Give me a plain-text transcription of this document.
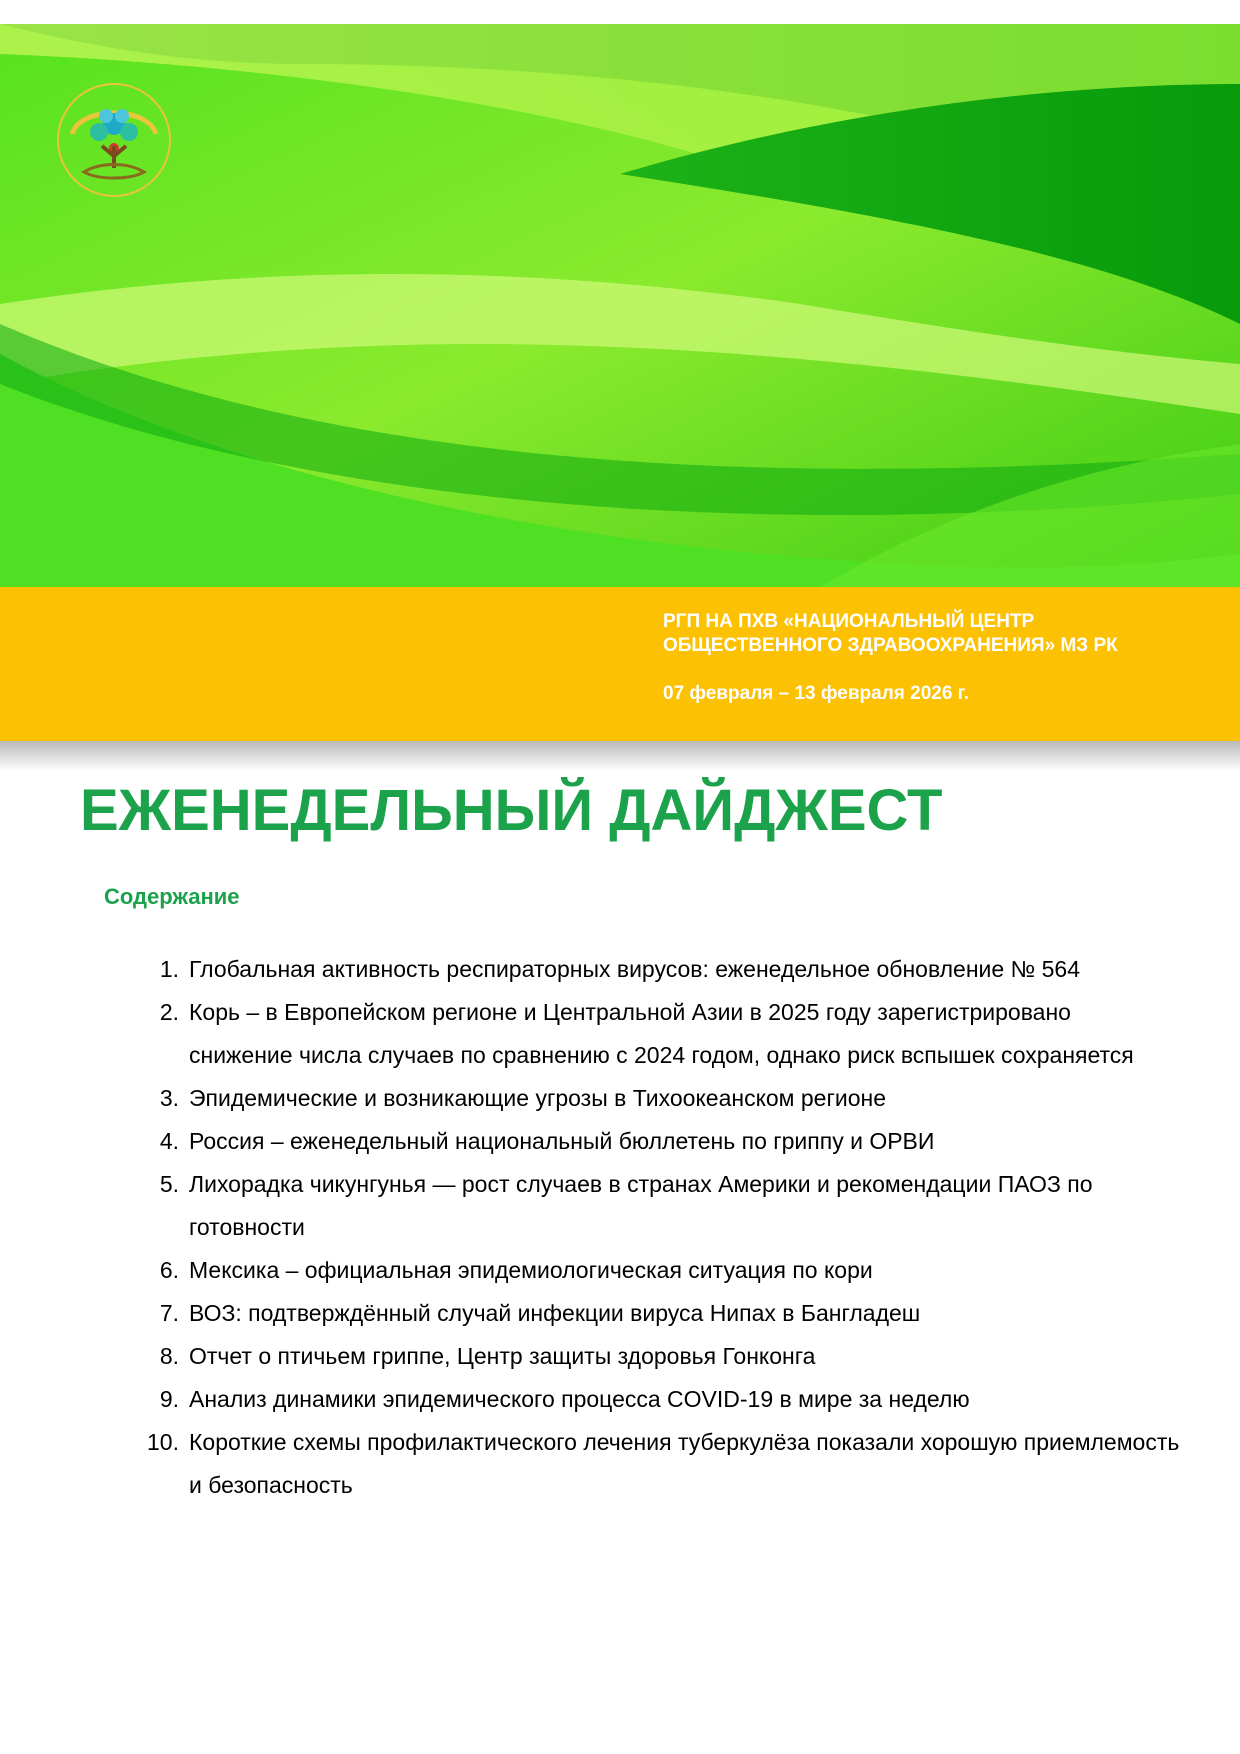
РГП НА ПХВ «НАЦИОНАЛЬНЫЙ ЦЕНТР
ОБЩЕСТВЕННОГО ЗДРАВООХРАНЕНИЯ» МЗ РК
07 февраля – 13 февраля 2026 г.
ЕЖЕНЕДЕЛЬНЫЙ ДАЙДЖЕСТ
Содержание
1. Глобальная активность респираторных вирусов: еженедельное обновление № 564
2. Корь – в Европейском регионе и Центральной Азии в 2025 году зарегистрировано снижение числа случаев по сравнению с 2024 годом, однако риск вспышек сохраняется
3. Эпидемические и возникающие угрозы в Тихоокеанском регионе
4. Россия – еженедельный национальный бюллетень по гриппу и ОРВИ
5. Лихорадка чикунгунья — рост случаев в странах Америки и рекомендации ПАОЗ по готовности
6. Мексика – официальная эпидемиологическая ситуация по кори
7. ВОЗ: подтверждённый случай инфекции вируса Нипах в Бангладеш
8. Отчет о птичьем гриппе, Центр защиты здоровья Гонконга
9. Анализ динамики эпидемического процесса COVID-19 в мире за неделю
10. Короткие схемы профилактического лечения туберкулёза показали хорошую приемлемость и безопасность
